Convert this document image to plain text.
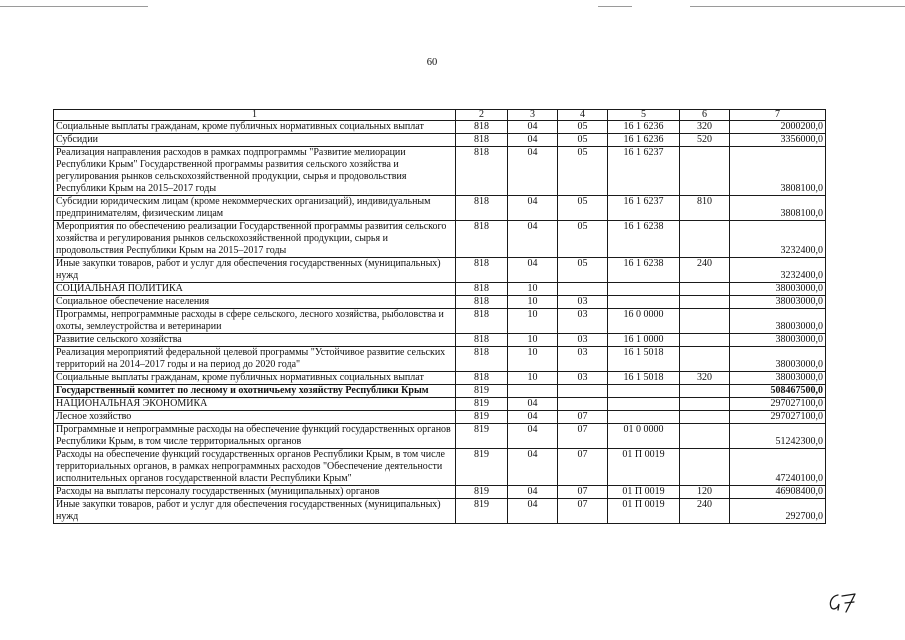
60
1	2	3	4	5	6	7
Социальные выплаты гражданам, кроме публичных нормативных социальных выплат	818	04	05	16 1 6236	320	2000200,0
Субсидии	818	04	05	16 1 6236	520	3356000,0
Реализация направления расходов в рамках подпрограммы "Развитие мелиорации Республики Крым" Государственной программы развития сельского хозяйства и регулирования рынков сельскохозяйственной продукции, сырья и продовольствия Республики Крым на 2015–2017 годы	818	04	05	16 1 6237		3808100,0
Субсидии юридическим лицам (кроме некоммерческих организаций), индивидуальным предпринимателям, физическим лицам	818	04	05	16 1 6237	810	3808100,0
Мероприятия по обеспечению реализации Государственной программы развития сельского хозяйства и регулирования рынков сельскохозяйственной продукции, сырья и продовольствия Республики Крым на 2015–2017 годы	818	04	05	16 1 6238		3232400,0
Иные закупки товаров, работ и услуг для обеспечения государственных (муниципальных) нужд	818	04	05	16 1 6238	240	3232400,0
СОЦИАЛЬНАЯ ПОЛИТИКА	818	10				38003000,0
Социальное обеспечение населения	818	10	03			38003000,0
Программы, непрограммные расходы в сфере сельского, лесного хозяйства, рыболовства и охоты, землеустройства и ветеринарии	818	10	03	16 0 0000		38003000,0
Развитие сельского хозяйства	818	10	03	16 1 0000		38003000,0
Реализация мероприятий федеральной целевой программы "Устойчивое развитие сельских территорий на 2014–2017 годы и на период до 2020 года"	818	10	03	16 1 5018		38003000,0
Социальные выплаты гражданам, кроме публичных нормативных социальных выплат	818	10	03	16 1 5018	320	38003000,0
Государственный комитет по лесному и охотничьему хозяйству Республики Крым	819					508467500,0
НАЦИОНАЛЬНАЯ ЭКОНОМИКА	819	04				297027100,0
Лесное хозяйство	819	04	07			297027100,0
Программные и непрограммные расходы на обеспечение функций государственных органов Республики Крым, в том числе территориальных органов	819	04	07	01 0 0000		51242300,0
Расходы на обеспечение функций государственных органов Республики Крым, в том числе территориальных органов, в рамках непрограммных расходов "Обеспечение деятельности исполнительных органов государственной власти Республики Крым"	819	04	07	01 П 0019		47240100,0
Расходы на выплаты персоналу государственных (муниципальных) органов	819	04	07	01 П 0019	120	46908400,0
Иные закупки товаров, работ и услуг для обеспечения государственных (муниципальных) нужд	819	04	07	01 П 0019	240	292700,0
